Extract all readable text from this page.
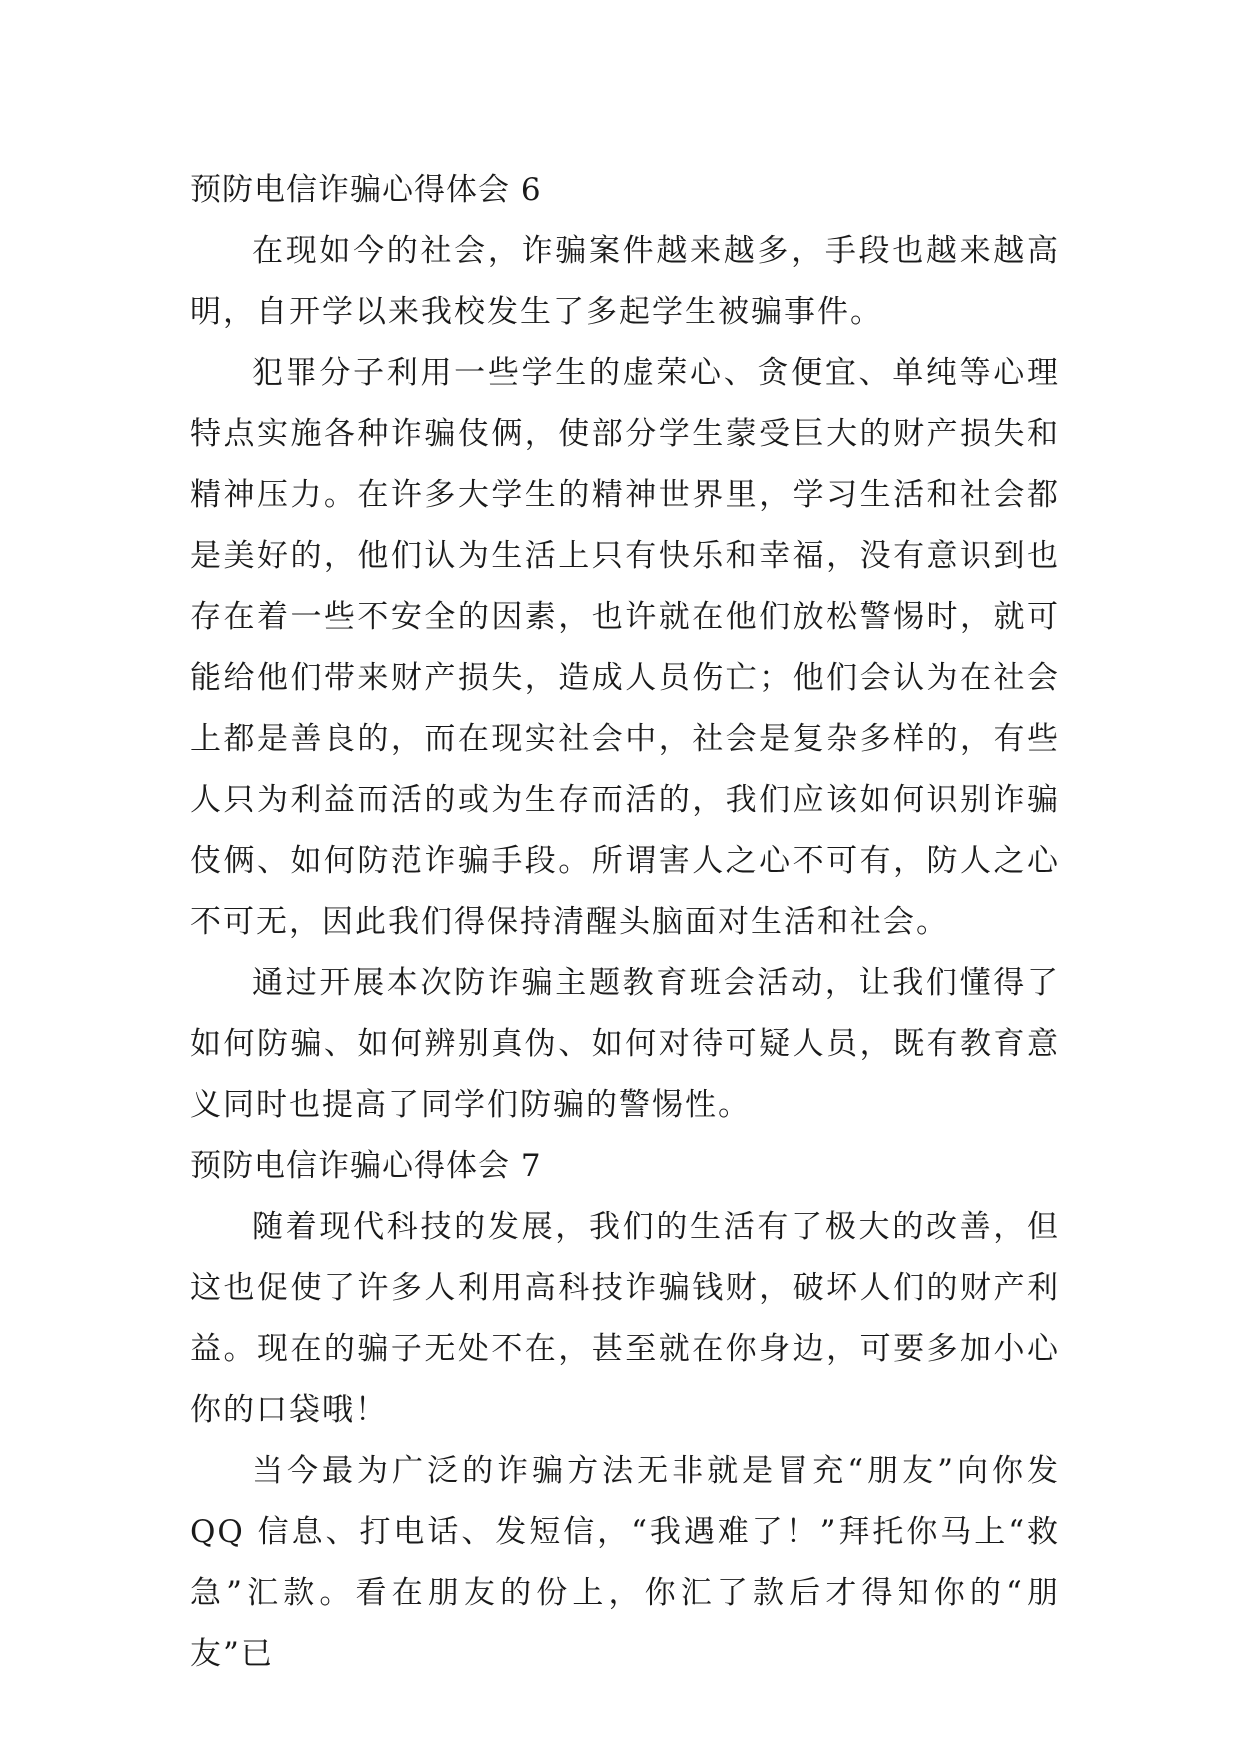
预防电信诈骗心得体会 6

在现如今的社会，诈骗案件越来越多，手段也越来越高明，自开学以来我校发生了多起学生被骗事件。

犯罪分子利用一些学生的虚荣心、贪便宜、单纯等心理特点实施各种诈骗伎俩，使部分学生蒙受巨大的财产损失和精神压力。在许多大学生的精神世界里，学习生活和社会都是美好的，他们认为生活上只有快乐和幸福，没有意识到也存在着一些不安全的因素，也许就在他们放松警惕时，就可能给他们带来财产损失，造成人员伤亡；他们会认为在社会上都是善良的，而在现实社会中，社会是复杂多样的，有些人只为利益而活的或为生存而活的，我们应该如何识别诈骗伎俩、如何防范诈骗手段。所谓害人之心不可有，防人之心不可无，因此我们得保持清醒头脑面对生活和社会。

通过开展本次防诈骗主题教育班会活动，让我们懂得了如何防骗、如何辨别真伪、如何对待可疑人员，既有教育意义同时也提高了同学们防骗的警惕性。

预防电信诈骗心得体会 7

随着现代科技的发展，我们的生活有了极大的改善，但这也促使了许多人利用高科技诈骗钱财，破坏人们的财产利益。现在的骗子无处不在，甚至就在你身边，可要多加小心你的口袋哦！

当今最为广泛的诈骗方法无非就是冒充“朋友”向你发QQ 信息、打电话、发短信，“我遇难了！”拜托你马上“救急”汇款。看在朋友的份上，你汇了款后才得知你的“朋友”已
